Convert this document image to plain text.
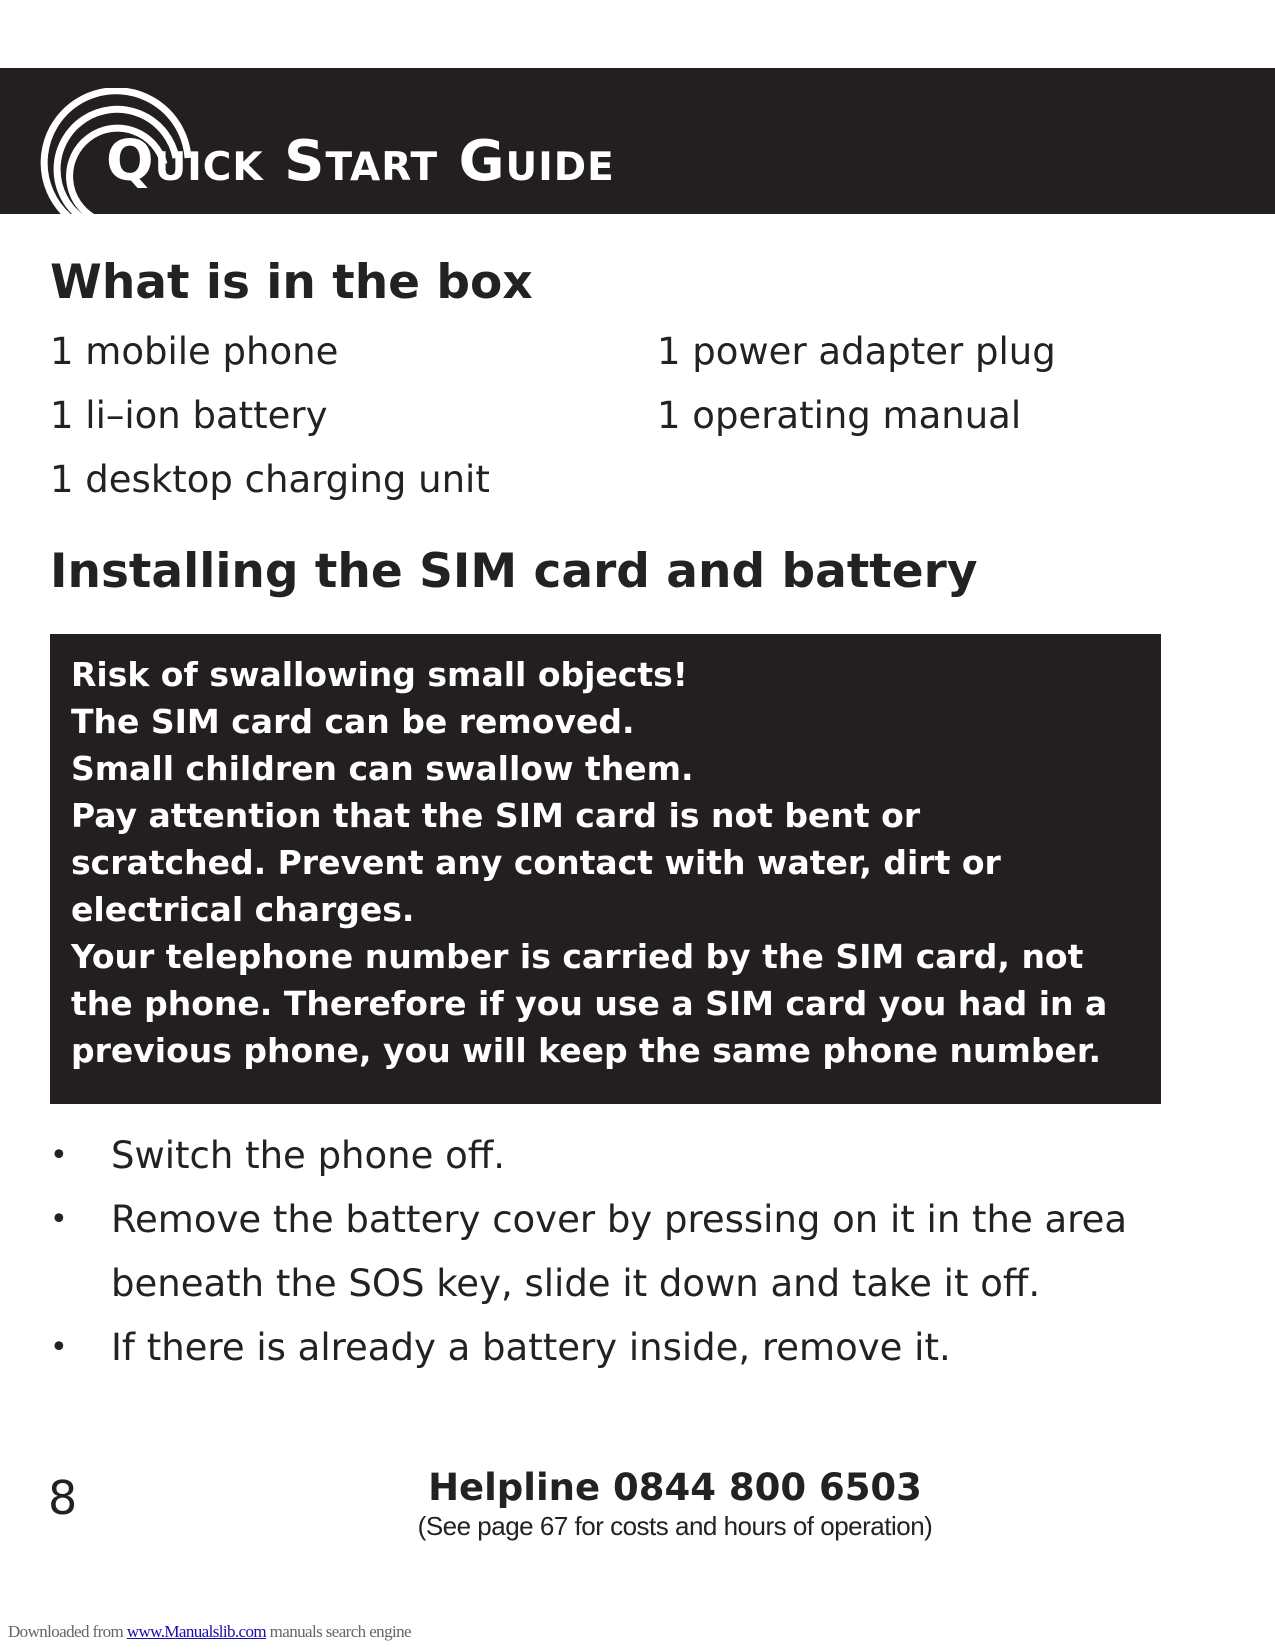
Quick Start Guide
What is in the box
1 mobile phone
1 li–ion battery
1 desktop charging unit
1 power adapter plug
1 operating manual
Installing the SIM card and battery
Risk of swallowing small objects!
The SIM card can be removed.
Small children can swallow them.
Pay attention that the SIM card is not bent or
scratched. Prevent any contact with water, dirt or
electrical charges.
Your telephone number is carried by the SIM card, not
the phone. Therefore if you use a SIM card you had in a
previous phone, you will keep the same phone number.
• Switch the phone off.
• Remove the battery cover by pressing on it in the area beneath the SOS key, slide it down and take it off.
• If there is already a battery inside, remove it.
8	Helpline 0844 800 6503
(See page 67 for costs and hours of operation)
Downloaded from www.Manualslib.com manuals search engine
